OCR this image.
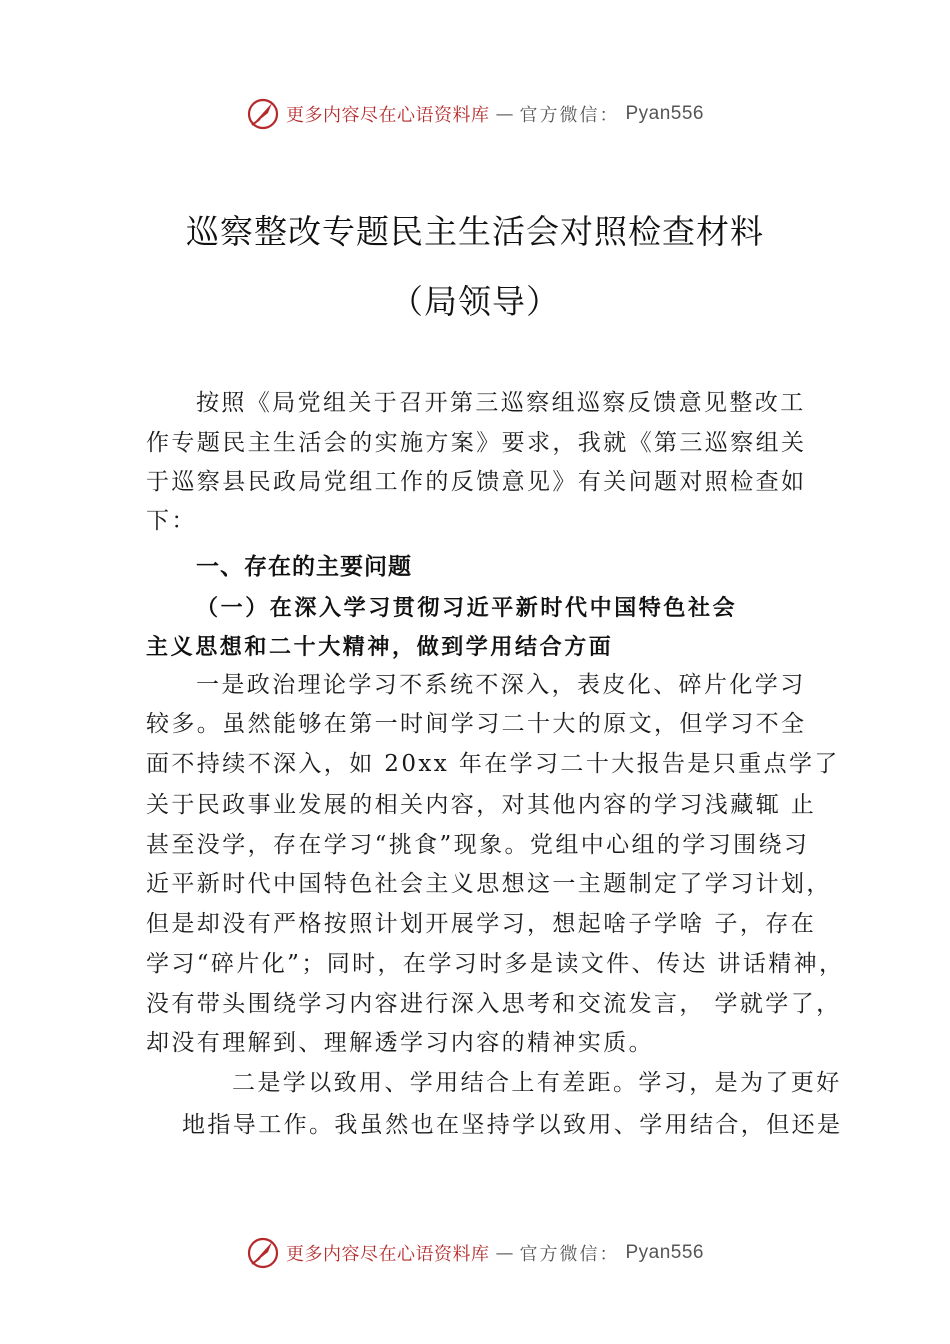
更多内容尽在心语资料库 — 官方微信： Pyan556
巡察整改专题民主生活会对照检查材料
（局领导）
按照《局党组关于召开第三巡察组巡察反馈意见整改工
作专题民主生活会的实施方案》要求，我就《第三巡察组关
于巡察县民政局党组工作的反馈意见》有关问题对照检查如
下：
一、存在的主要问题
（一）在深入学习贯彻习近平新时代中国特色社会
主义思想和二十大精神，做到学用结合方面
一是政治理论学习不系统不深入，表皮化、碎片化学习
较多。虽然能够在第一时间学习二十大的原文，但学习不全
面不持续不深入，如 20xx 年在学习二十大报告是只重点学了
关于民政事业发展的相关内容，对其他内容的学习浅藏辄 止
甚至没学，存在学习“挑食”现象。党组中心组的学习围绕习
近平新时代中国特色社会主义思想这一主题制定了学习计划，
但是却没有严格按照计划开展学习，想起啥子学啥 子，存在
学习“碎片化”；同时，在学习时多是读文件、传达 讲话精神，
没有带头围绕学习内容进行深入思考和交流发言， 学就学了，
却没有理解到、理解透学习内容的精神实质。
二是学以致用、学用结合上有差距。学习，是为了更好
地指导工作。我虽然也在坚持学以致用、学用结合，但还是
更多内容尽在心语资料库 — 官方微信： Pyan556
